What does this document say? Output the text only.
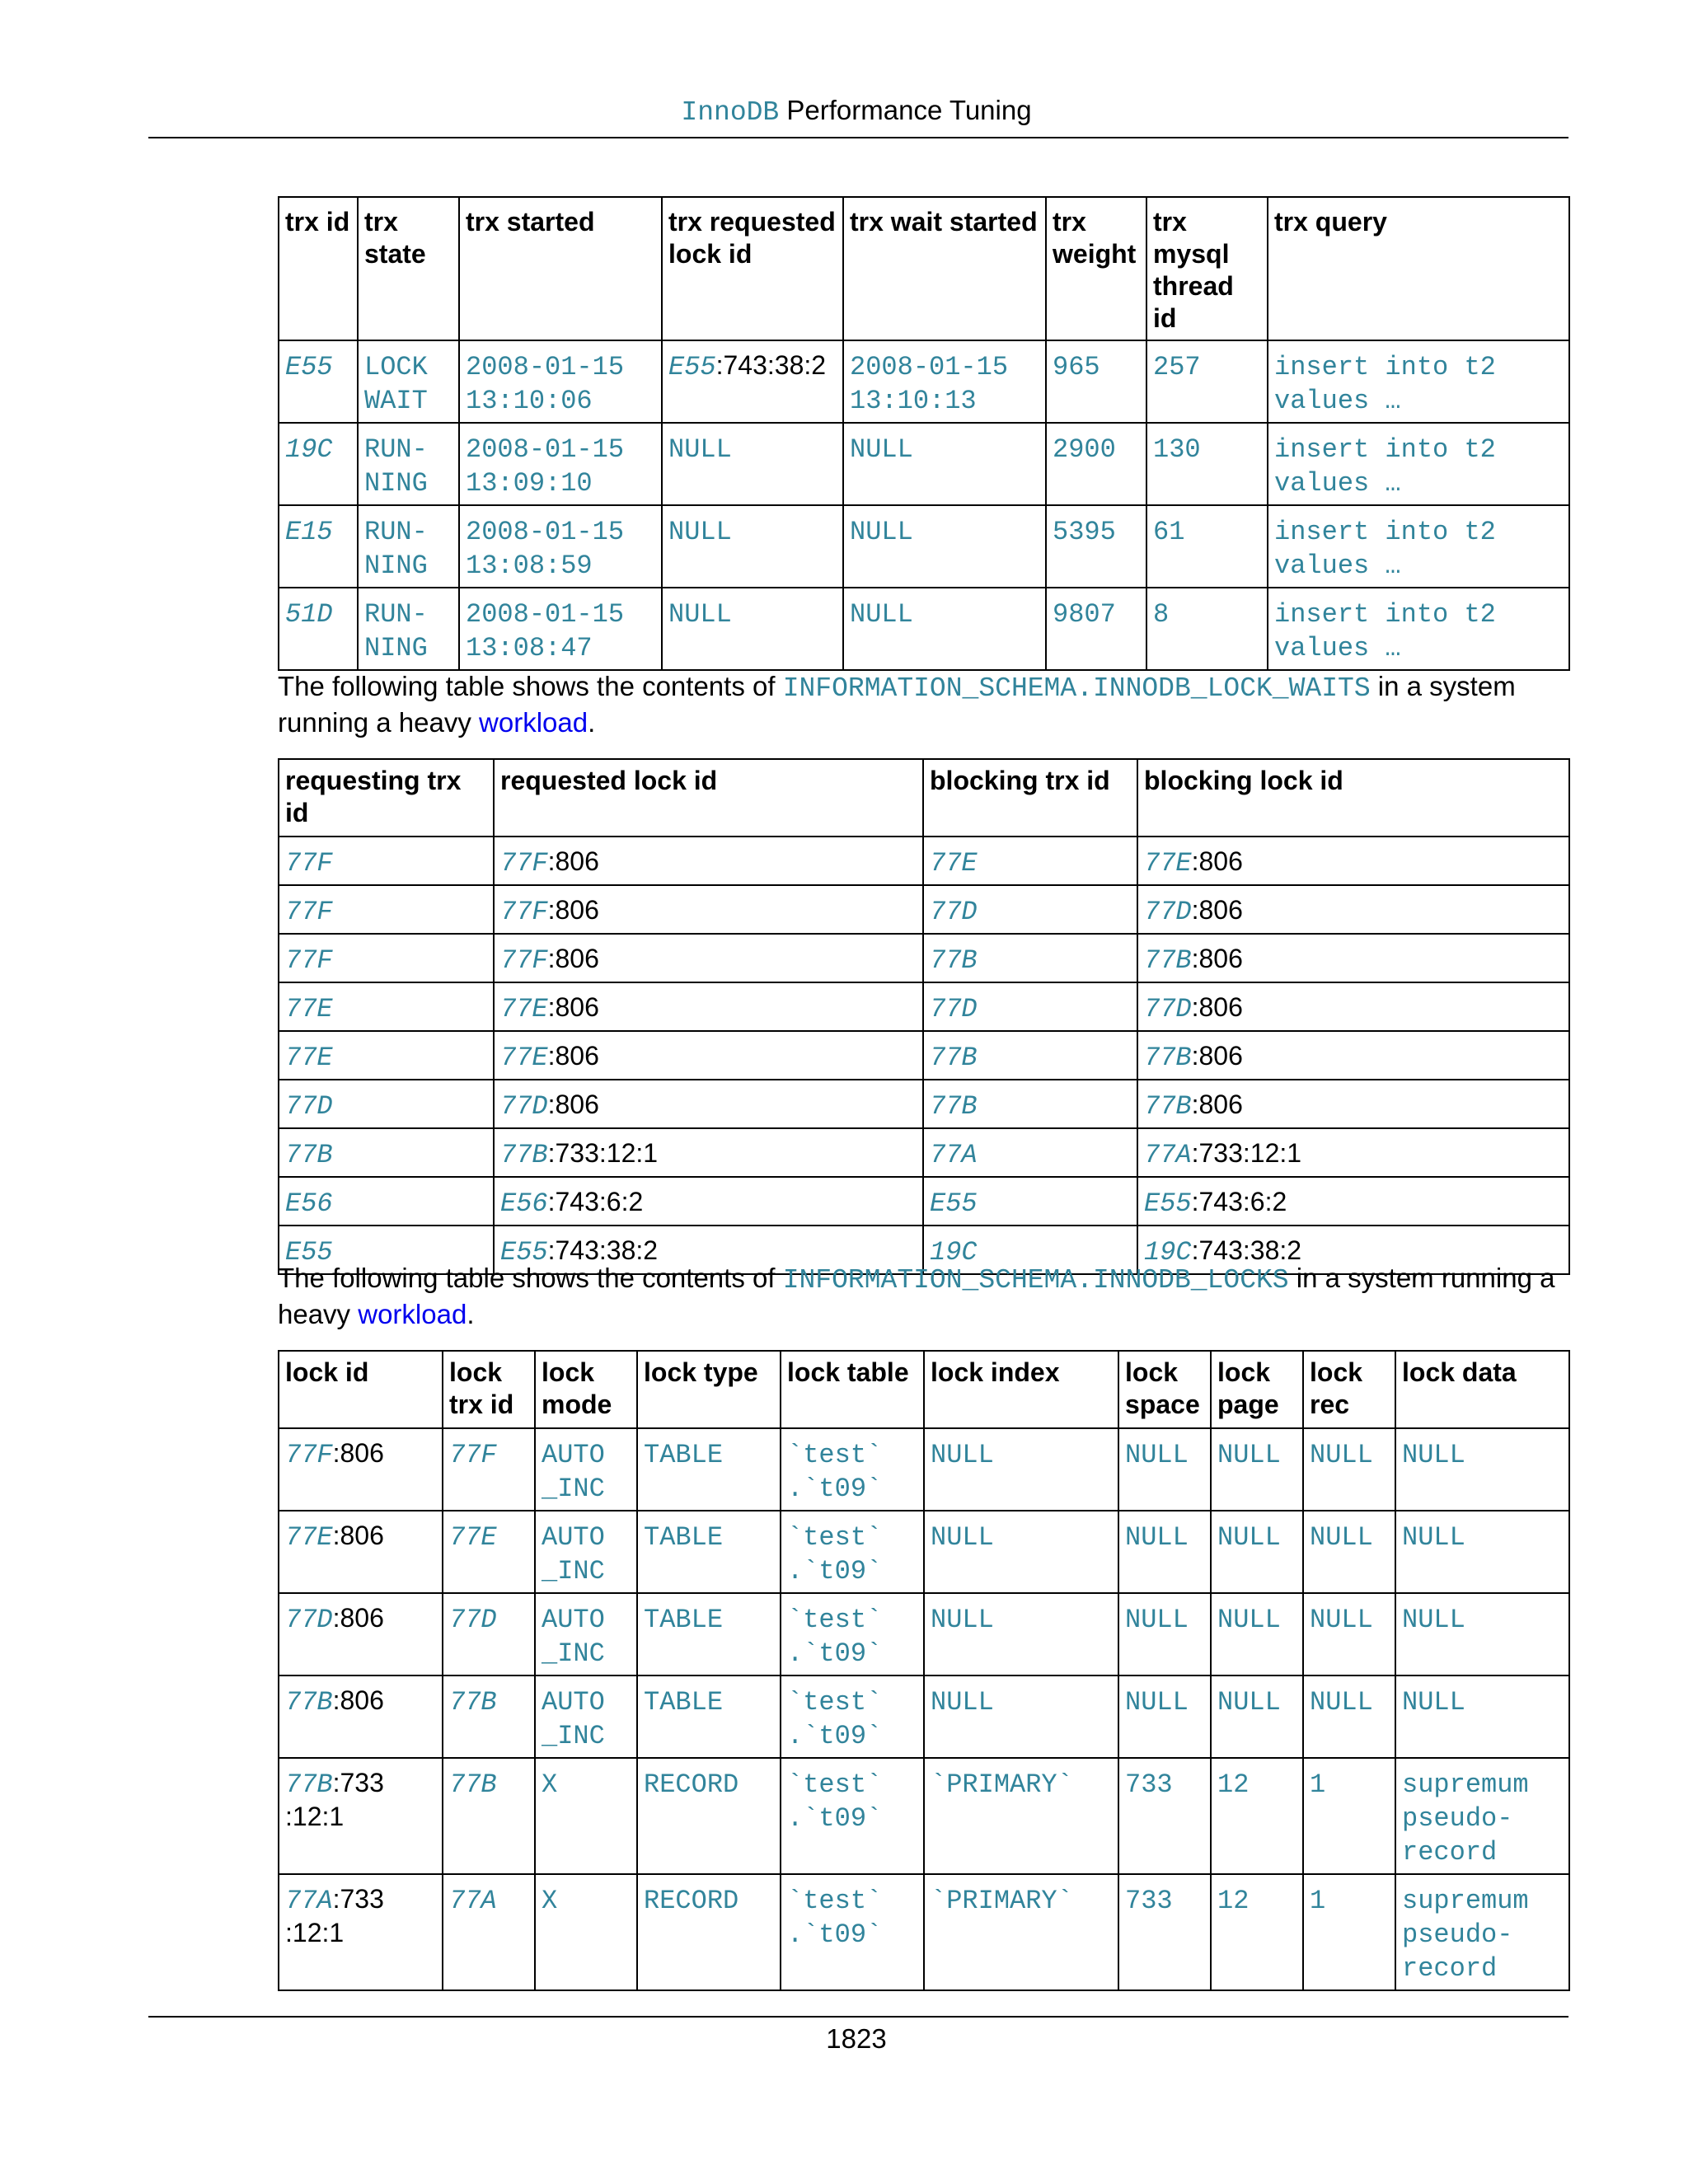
InnoDB Performance Tuning
trx id	trx state	trx started	trx requested lock id	trx wait started	trx weight	trx mysql thread id	trx query
E55	LOCK WAIT	2008-01-15 13:10:06	E55:743:38:2	2008-01-15 13:10:13	965	257	insert into t2 values …
19C	RUN-NING	2008-01-15 13:09:10	NULL	NULL	2900	130	insert into t2 values …
E15	RUN-NING	2008-01-15 13:08:59	NULL	NULL	5395	61	insert into t2 values …
51D	RUN-NING	2008-01-15 13:08:47	NULL	NULL	9807	8	insert into t2 values …
The following table shows the contents of INFORMATION_SCHEMA.INNODB_LOCK_WAITS in a system running a heavy workload.
requesting trx id	requested lock id	blocking trx id	blocking lock id
77F	77F:806	77E	77E:806
77F	77F:806	77D	77D:806
77F	77F:806	77B	77B:806
77E	77E:806	77D	77D:806
77E	77E:806	77B	77B:806
77D	77D:806	77B	77B:806
77B	77B:733:12:1	77A	77A:733:12:1
E56	E56:743:6:2	E55	E55:743:6:2
E55	E55:743:38:2	19C	19C:743:38:2
The following table shows the contents of INFORMATION_SCHEMA.INNODB_LOCKS in a system running a heavy workload.
lock id	lock trx id	lock mode	lock type	lock table	lock index	lock space	lock page	lock rec	lock data
77F:806	77F	AUTO _INC	TABLE	`test` .`t09`	NULL	NULL	NULL	NULL	NULL
77E:806	77E	AUTO _INC	TABLE	`test` .`t09`	NULL	NULL	NULL	NULL	NULL
77D:806	77D	AUTO _INC	TABLE	`test` .`t09`	NULL	NULL	NULL	NULL	NULL
77B:806	77B	AUTO _INC	TABLE	`test` .`t09`	NULL	NULL	NULL	NULL	NULL
77B:733 :12:1	77B	X	RECORD	`test` .`t09`	`PRIMARY`	733	12	1	supremum pseudo-record
77A:733 :12:1	77A	X	RECORD	`test` .`t09`	`PRIMARY`	733	12	1	supremum pseudo-record
1823
